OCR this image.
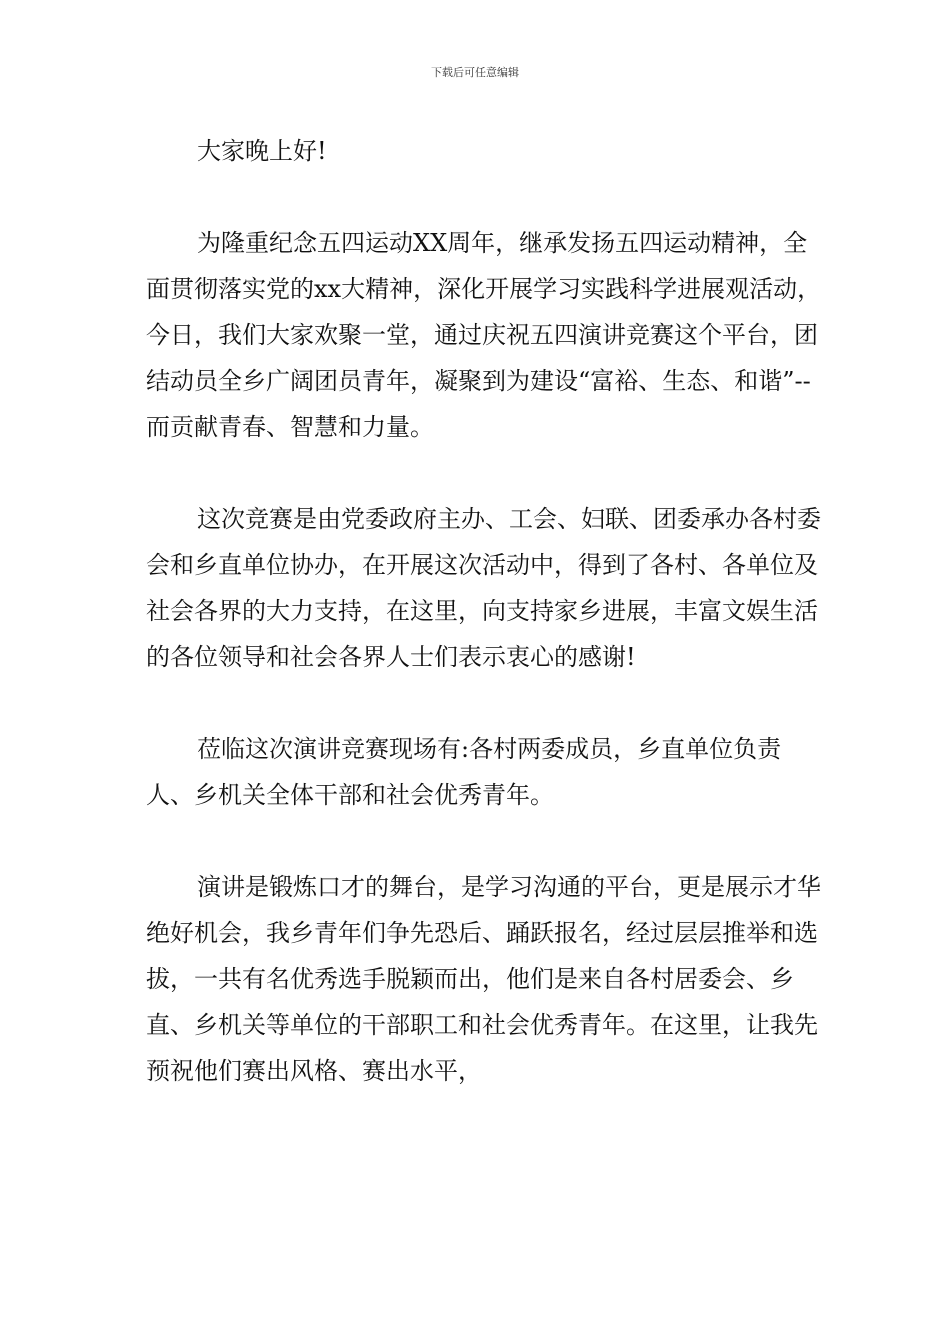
下载后可任意编辑

大家晚上好!

为隆重纪念五四运动XX周年，继承发扬五四运动精神，全面贯彻落实党的xx大精神，深化开展学习实践科学进展观活动，今日，我们大家欢聚一堂，通过庆祝五四演讲竞赛这个平台，团结动员全乡广阔团员青年，凝聚到为建设“富裕、生态、和谐”--而贡献青春、智慧和力量。

这次竞赛是由党委政府主办、工会、妇联、团委承办各村委会和乡直单位协办，在开展这次活动中，得到了各村、各单位及社会各界的大力支持，在这里，向支持家乡进展，丰富文娱生活的各位领导和社会各界人士们表示衷心的感谢!

莅临这次演讲竞赛现场有:各村两委成员，乡直单位负责人、乡机关全体干部和社会优秀青年。

演讲是锻炼口才的舞台，是学习沟通的平台，更是展示才华绝好机会，我乡青年们争先恐后、踊跃报名，经过层层推举和选拔，一共有名优秀选手脱颖而出，他们是来自各村居委会、乡直、乡机关等单位的干部职工和社会优秀青年。在这里，让我先预祝他们赛出风格、赛出水平，
